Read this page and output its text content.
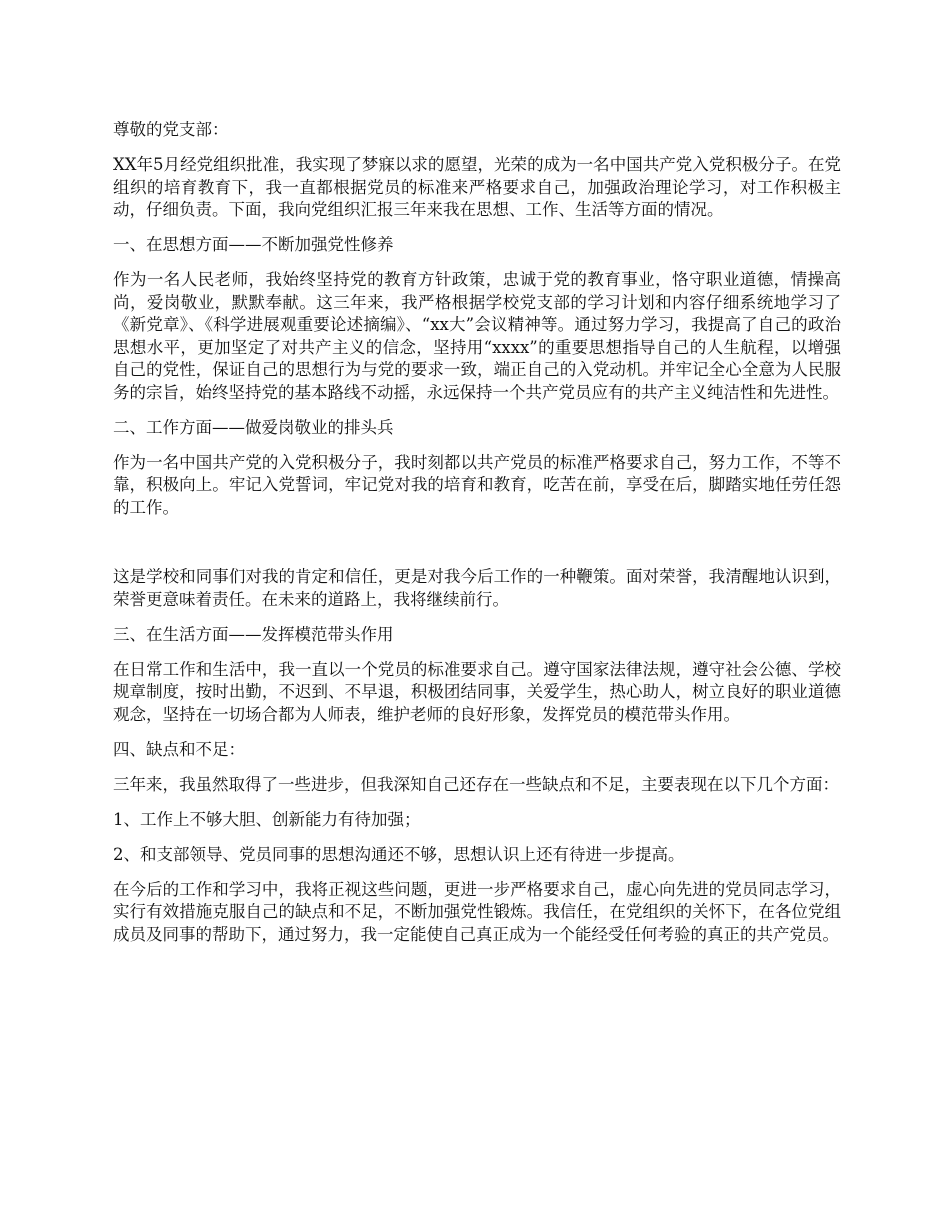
尊敬的党支部：

XX年5月经党组织批准，我实现了梦寐以求的愿望，光荣的成为一名中国共产党入党积极分子。在党组织的培育教育下，我一直都根据党员的标准来严格要求自己，加强政治理论学习，对工作积极主动，仔细负责。下面，我向党组织汇报三年来我在思想、工作、生活等方面的情况。

一、在思想方面——不断加强党性修养

作为一名人民老师，我始终坚持党的教育方针政策，忠诚于党的教育事业，恪守职业道德，情操高尚，爱岗敬业，默默奉献。这三年来，我严格根据学校党支部的学习计划和内容仔细系统地学习了《新党章》、《科学进展观重要论述摘编》、“xx大”会议精神等。通过努力学习，我提高了自己的政治思想水平，更加坚定了对共产主义的信念，坚持用“xxxx”的重要思想指导自己的人生航程，以增强自己的党性，保证自己的思想行为与党的要求一致，端正自己的入党动机。并牢记全心全意为人民服务的宗旨，始终坚持党的基本路线不动摇，永远保持一个共产党员应有的共产主义纯洁性和先进性。

二、工作方面——做爱岗敬业的排头兵

作为一名中国共产党的入党积极分子，我时刻都以共产党员的标准严格要求自己，努力工作，不等不靠，积极向上。牢记入党誓词，牢记党对我的培育和教育，吃苦在前，享受在后，脚踏实地任劳任怨的工作。

这是学校和同事们对我的肯定和信任，更是对我今后工作的一种鞭策。面对荣誉，我清醒地认识到，荣誉更意味着责任。在未来的道路上，我将继续前行。

三、在生活方面——发挥模范带头作用

在日常工作和生活中，我一直以一个党员的标准要求自己。遵守国家法律法规，遵守社会公德、学校规章制度，按时出勤，不迟到、不早退，积极团结同事，关爱学生，热心助人，树立良好的职业道德观念，坚持在一切场合都为人师表，维护老师的良好形象，发挥党员的模范带头作用。

四、缺点和不足：

三年来，我虽然取得了一些进步，但我深知自己还存在一些缺点和不足，主要表现在以下几个方面：

1、工作上不够大胆、创新能力有待加强；

2、和支部领导、党员同事的思想沟通还不够，思想认识上还有待进一步提高。

在今后的工作和学习中，我将正视这些问题，更进一步严格要求自己，虚心向先进的党员同志学习，实行有效措施克服自己的缺点和不足，不断加强党性锻炼。我信任，在党组织的关怀下，在各位党组成员及同事的帮助下，通过努力，我一定能使自己真正成为一个能经受任何考验的真正的共产党员。
